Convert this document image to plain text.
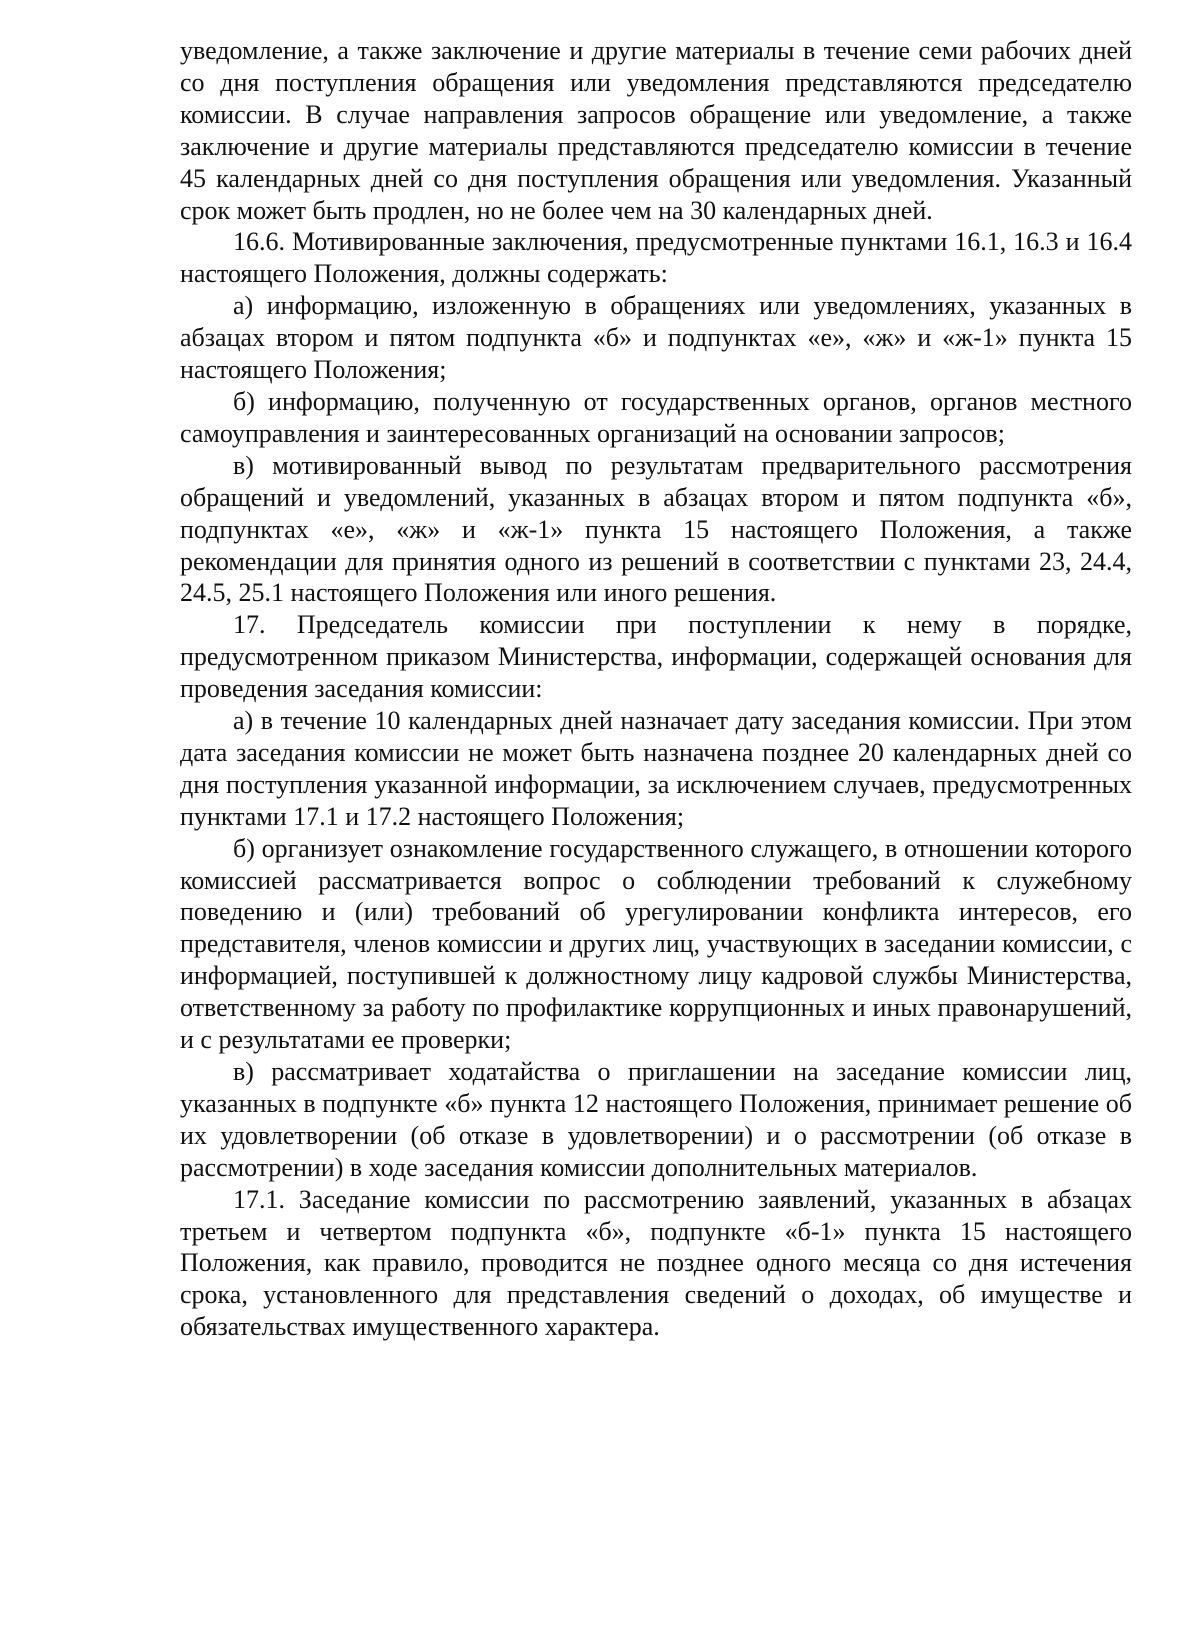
уведомление, а также заключение и другие материалы в течение семи рабочих дней со дня поступления обращения или уведомления представляются председателю комиссии. В случае направления запросов обращение или уведомление, а также заключение и другие материалы представляются председателю комиссии в течение 45 календарных дней со дня поступления обращения или уведомления. Указанный срок может быть продлен, но не более чем на 30 календарных дней.

16.6. Мотивированные заключения, предусмотренные пунктами 16.1, 16.3 и 16.4 настоящего Положения, должны содержать:

а) информацию, изложенную в обращениях или уведомлениях, указанных в абзацах втором и пятом подпункта «б» и подпунктах «е», «ж» и «ж-1» пункта 15 настоящего Положения;

б) информацию, полученную от государственных органов, органов местного самоуправления и заинтересованных организаций на основании запросов;

в) мотивированный вывод по результатам предварительного рассмотрения обращений и уведомлений, указанных в абзацах втором и пятом подпункта «б», подпунктах «е», «ж» и «ж-1» пункта 15 настоящего Положения, а также рекомендации для принятия одного из решений в соответствии с пунктами 23, 24.4, 24.5, 25.1 настоящего Положения или иного решения.

17. Председатель комиссии при поступлении к нему в порядке, предусмотренном приказом Министерства, информации, содержащей основания для проведения заседания комиссии:

а) в течение 10 календарных дней назначает дату заседания комиссии. При этом дата заседания комиссии не может быть назначена позднее 20 календарных дней со дня поступления указанной информации, за исключением случаев, предусмотренных пунктами 17.1 и 17.2 настоящего Положения;

б) организует ознакомление государственного служащего, в отношении которого комиссией рассматривается вопрос о соблюдении требований к служебному поведению и (или) требований об урегулировании конфликта интересов, его представителя, членов комиссии и других лиц, участвующих в заседании комиссии, с информацией, поступившей к должностному лицу кадровой службы Министерства, ответственному за работу по профилактике коррупционных и иных правонарушений, и с результатами ее проверки;

в) рассматривает ходатайства о приглашении на заседание комиссии лиц, указанных в подпункте «б» пункта 12 настоящего Положения, принимает решение об их удовлетворении (об отказе в удовлетворении) и о рассмотрении (об отказе в рассмотрении) в ходе заседания комиссии дополнительных материалов.

17.1. Заседание комиссии по рассмотрению заявлений, указанных в абзацах третьем и четвертом подпункта «б», подпункте «б-1» пункта 15 настоящего Положения, как правило, проводится не позднее одного месяца со дня истечения срока, установленного для представления сведений о доходах, об имуществе и обязательствах имущественного характера.
